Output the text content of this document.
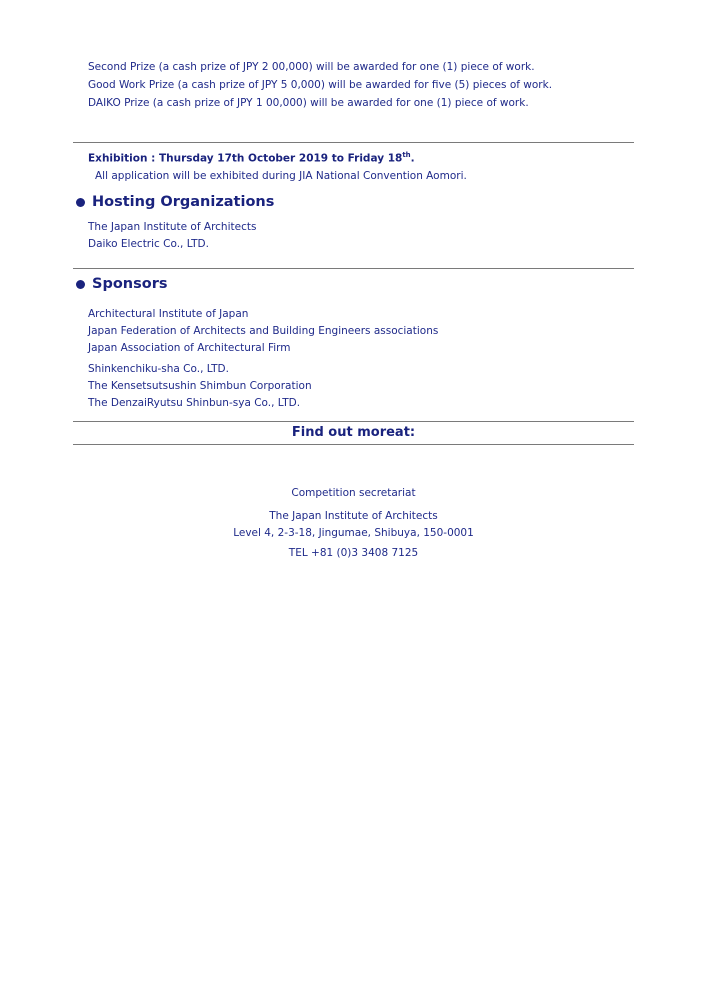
Second Prize (a cash prize of JPY 2 00,000) will be awarded for one (1) piece of work.
Good Work Prize (a cash prize of JPY 5 0,000) will be awarded for five (5) pieces of work.
DAIKO Prize (a cash prize of JPY 1 00,000) will be awarded for one (1) piece of work.
Exhibition : Thursday 17th October 2019 to Friday 18th.
All application will be exhibited during JIA National Convention Aomori.
Hosting Organizations
The Japan Institute of Architects
Daiko Electric Co., LTD.
Sponsors
Architectural Institute of Japan
Japan Federation of Architects and Building Engineers associations
Japan Association of Architectural Firm
Shinkenchiku-sha Co., LTD.
The Kensetsutsushin Shimbun Corporation
The DenzaiRyutsu Shinbun-sya Co., LTD.
Find out moreat:
Competition secretariat
The Japan Institute of Architects
Level 4, 2-3-18, Jingumae, Shibuya, 150-0001
TEL +81 (0)3 3408 7125
